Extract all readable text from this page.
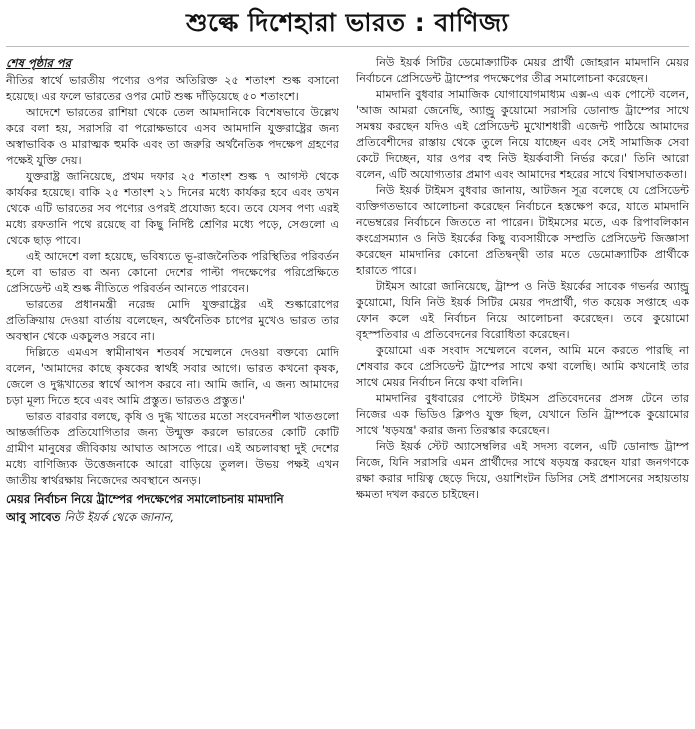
শুল্কে দিশেহারা ভারত : বাণিজ্য
শেষ পৃষ্ঠার পর

নীতির স্বার্থে ভারতীয় পণ্যের ওপর অতিরিক্ত ২৫ শতাংশ শুল্ক বসানো হয়েছে। এর ফলে ভারতের ওপর মোট শুল্ক দাঁড়িয়েছে ৫০ শতাংশে।

আদেশে ভারতের রাশিয়া থেকে তেল আমদানিকে বিশেষভাবে উল্লেখ করে বলা হয়, সরাসরি বা পরোক্ষভাবে এসব আমদানি যুক্তরাষ্ট্রের জন্য অস্বাভাবিক ও মারাত্মক হুমকি এবং তা জরুরি অর্থনৈতিক পদক্ষেপ গ্রহণের পক্ষেই যুক্তি দেয়।

যুক্তরাষ্ট্র জানিয়েছে, প্রথম দফার ২৫ শতাংশ শুল্ক ৭ আগস্ট থেকে কার্যকর হয়েছে। বাকি ২৫ শতাংশ ২১ দিনের মধ্যে কার্যকর হবে এবং তখন থেকে এটি ভারতের সব পণ্যের ওপরই প্রযোজ্য হবে। তবে যেসব পণ্য এরই মধ্যে রফতানি পথে রয়েছে বা কিছু নির্দিষ্ট শ্রেণির মধ্যে পড়ে, সেগুলো এ থেকে ছাড় পাবে।

এই আদেশে বলা হয়েছে, ভবিষ্যতে ভূ-রাজনৈতিক পরিস্থিতির পরিবর্তন হলে বা ভারত বা অন্য কোনো দেশের পাল্টা পদক্ষেপের পরিপ্রেক্ষিতে প্রেসিডেন্ট এই শুল্ক নীতিতে পরিবর্তন আনতে পারবেন।

ভারতের প্রধানমন্ত্রী নরেন্দ্র মোদি যুক্তরাষ্ট্রের এই শুল্কারোপের প্রতিক্রিয়ায় দেওয়া বার্তায় বলেছেন, অর্থনৈতিক চাপের মুখেও ভারত তার অবস্থান থেকে একচুলও সরবে না।

দিল্লিতে এমএস স্বামীনাথন শতবর্ষ সম্মেলনে দেওয়া বক্তব্যে মোদি বলেন, 'আমাদের কাছে কৃষকের স্বার্থই সবার আগে। ভারত কখনো কৃষক, জেলে ও দুগ্ধখাতের স্বার্থে আপস করবে না। আমি জানি, এ জন্য আমাদের চড়া মূল্য দিতে হবে এবং আমি প্রস্তুত। ভারতও প্রস্তুত।'

ভারত বারবার বলছে, কৃষি ও দুগ্ধ খাতের মতো সংবেদনশীল খাতগুলো আন্তর্জাতিক প্রতিযোগিতার জন্য উন্মুক্ত করলে ভারতের কোটি কোটি গ্রামীণ মানুষের জীবিকায় আঘাত আসতে পারে। এই অচলাবস্থা দুই দেশের মধ্যে বাণিজ্যিক উত্তেজনাকে আরো বাড়িয়ে তুলল। উভয় পক্ষই এখন জাতীয় স্বার্থরক্ষায় নিজেদের অবস্থানে অনড়।

মেয়র নির্বাচন নিয়ে ট্রাম্পের পদক্ষেপের সমালোচনায় মামদানি
আবু সাবেত নিউ ইয়র্ক থেকে জানান,

নিউ ইয়র্ক সিটির ডেমোক্র্যাটিক মেয়র প্রার্থী জোহরান মামদানি মেয়র নির্বাচনে প্রেসিডেন্ট ট্রাম্পের পদক্ষেপের তীব্র সমালোচনা করেছেন।

মামদানি বুধবার সামাজিক যোগাযোগমাধ্যম এক্স-এ এক পোস্টে বলেন, 'আজ আমরা জেনেছি, অ্যান্ড্রু কুয়োমো সরাসরি ডোনাল্ড ট্রাম্পের সাথে সমন্বয় করছেন যদিও এই প্রেসিডেন্ট মুখোশধারী এজেন্ট পাঠিয়ে আমাদের প্রতিবেশীদের রাস্তায় থেকে তুলে নিয়ে যাচ্ছেন এবং সেই সামাজিক সেবা কেটে দিচ্ছেন, যার ওপর বহু নিউ ইয়র্কবাসী নির্ভর করে।' তিনি আরো বলেন, এটি অযোগ্যতার প্রমাণ এবং আমাদের শহরের সাথে বিশ্বাসঘাতকতা।

নিউ ইয়র্ক টাইমস বুধবার জানায়, আটজন সূত্র বলেছে যে প্রেসিডেন্ট ব্যক্তিগতভাবে আলোচনা করেছেন নির্বাচনে হস্তক্ষেপ করে, যাতে মামদানি নভেম্বরের নির্বাচনে জিততে না পারেন। টাইমসের মতে, এক রিপাবলিকান কংগ্রেসম্যান ও নিউ ইয়র্কের কিছু ব্যবসায়ীকে সম্প্রতি প্রেসিডেন্ট জিজ্ঞাসা করেছেন মামদানির কোনো প্রতিদ্বন্দ্বী তার মতে ডেমোক্র্যাটিক প্রার্থীকে হারাতে পারে।

টাইমস আরো জানিয়েছে, ট্রাম্প ও নিউ ইয়র্কের সাবেক গভর্নর অ্যান্ড্রু কুয়োমো, যিনি নিউ ইয়র্ক সিটির মেয়র পদপ্রার্থী, গত কয়েক সপ্তাহে এক ফোন কলে এই নির্বাচন নিয়ে আলোচনা করেছেন। তবে কুয়োমো বৃহস্পতিবার এ প্রতিবেদনের বিরোধিতা করেছেন।

কুয়োমো এক সংবাদ সম্মেলনে বলেন, আমি মনে করতে পারছি না শেষবার কবে প্রেসিডেন্ট ট্রাম্পের সাথে কথা বলেছি। আমি কখনোই তার সাথে মেয়র নির্বাচন নিয়ে কথা বলিনি।

মামদানির বুধবারের পোস্টে টাইমস প্রতিবেদনের প্রসঙ্গ টেনে তার নিজের এক ভিডিও ক্লিপও যুক্ত ছিল, যেখানে তিনি ট্রাম্পকে কুয়োমোর সাথে 'ষড়যন্ত্র' করার জন্য তিরস্কার করেছেন।

নিউ ইয়র্ক স্টেট অ্যাসেম্বলির এই সদস্য বলেন, এটি ডোনাল্ড ট্রাম্প নিজে, যিনি সরাসরি এমন প্রার্থীদের সাথে ষড়যন্ত্র করছেন যারা জনগণকে রক্ষা করার দায়িত্ব ছেড়ে দিয়ে, ওয়াশিংটন ডিসির সেই প্রশাসনের সহায়তায় ক্ষমতা দখল করতে চাইছেন।
